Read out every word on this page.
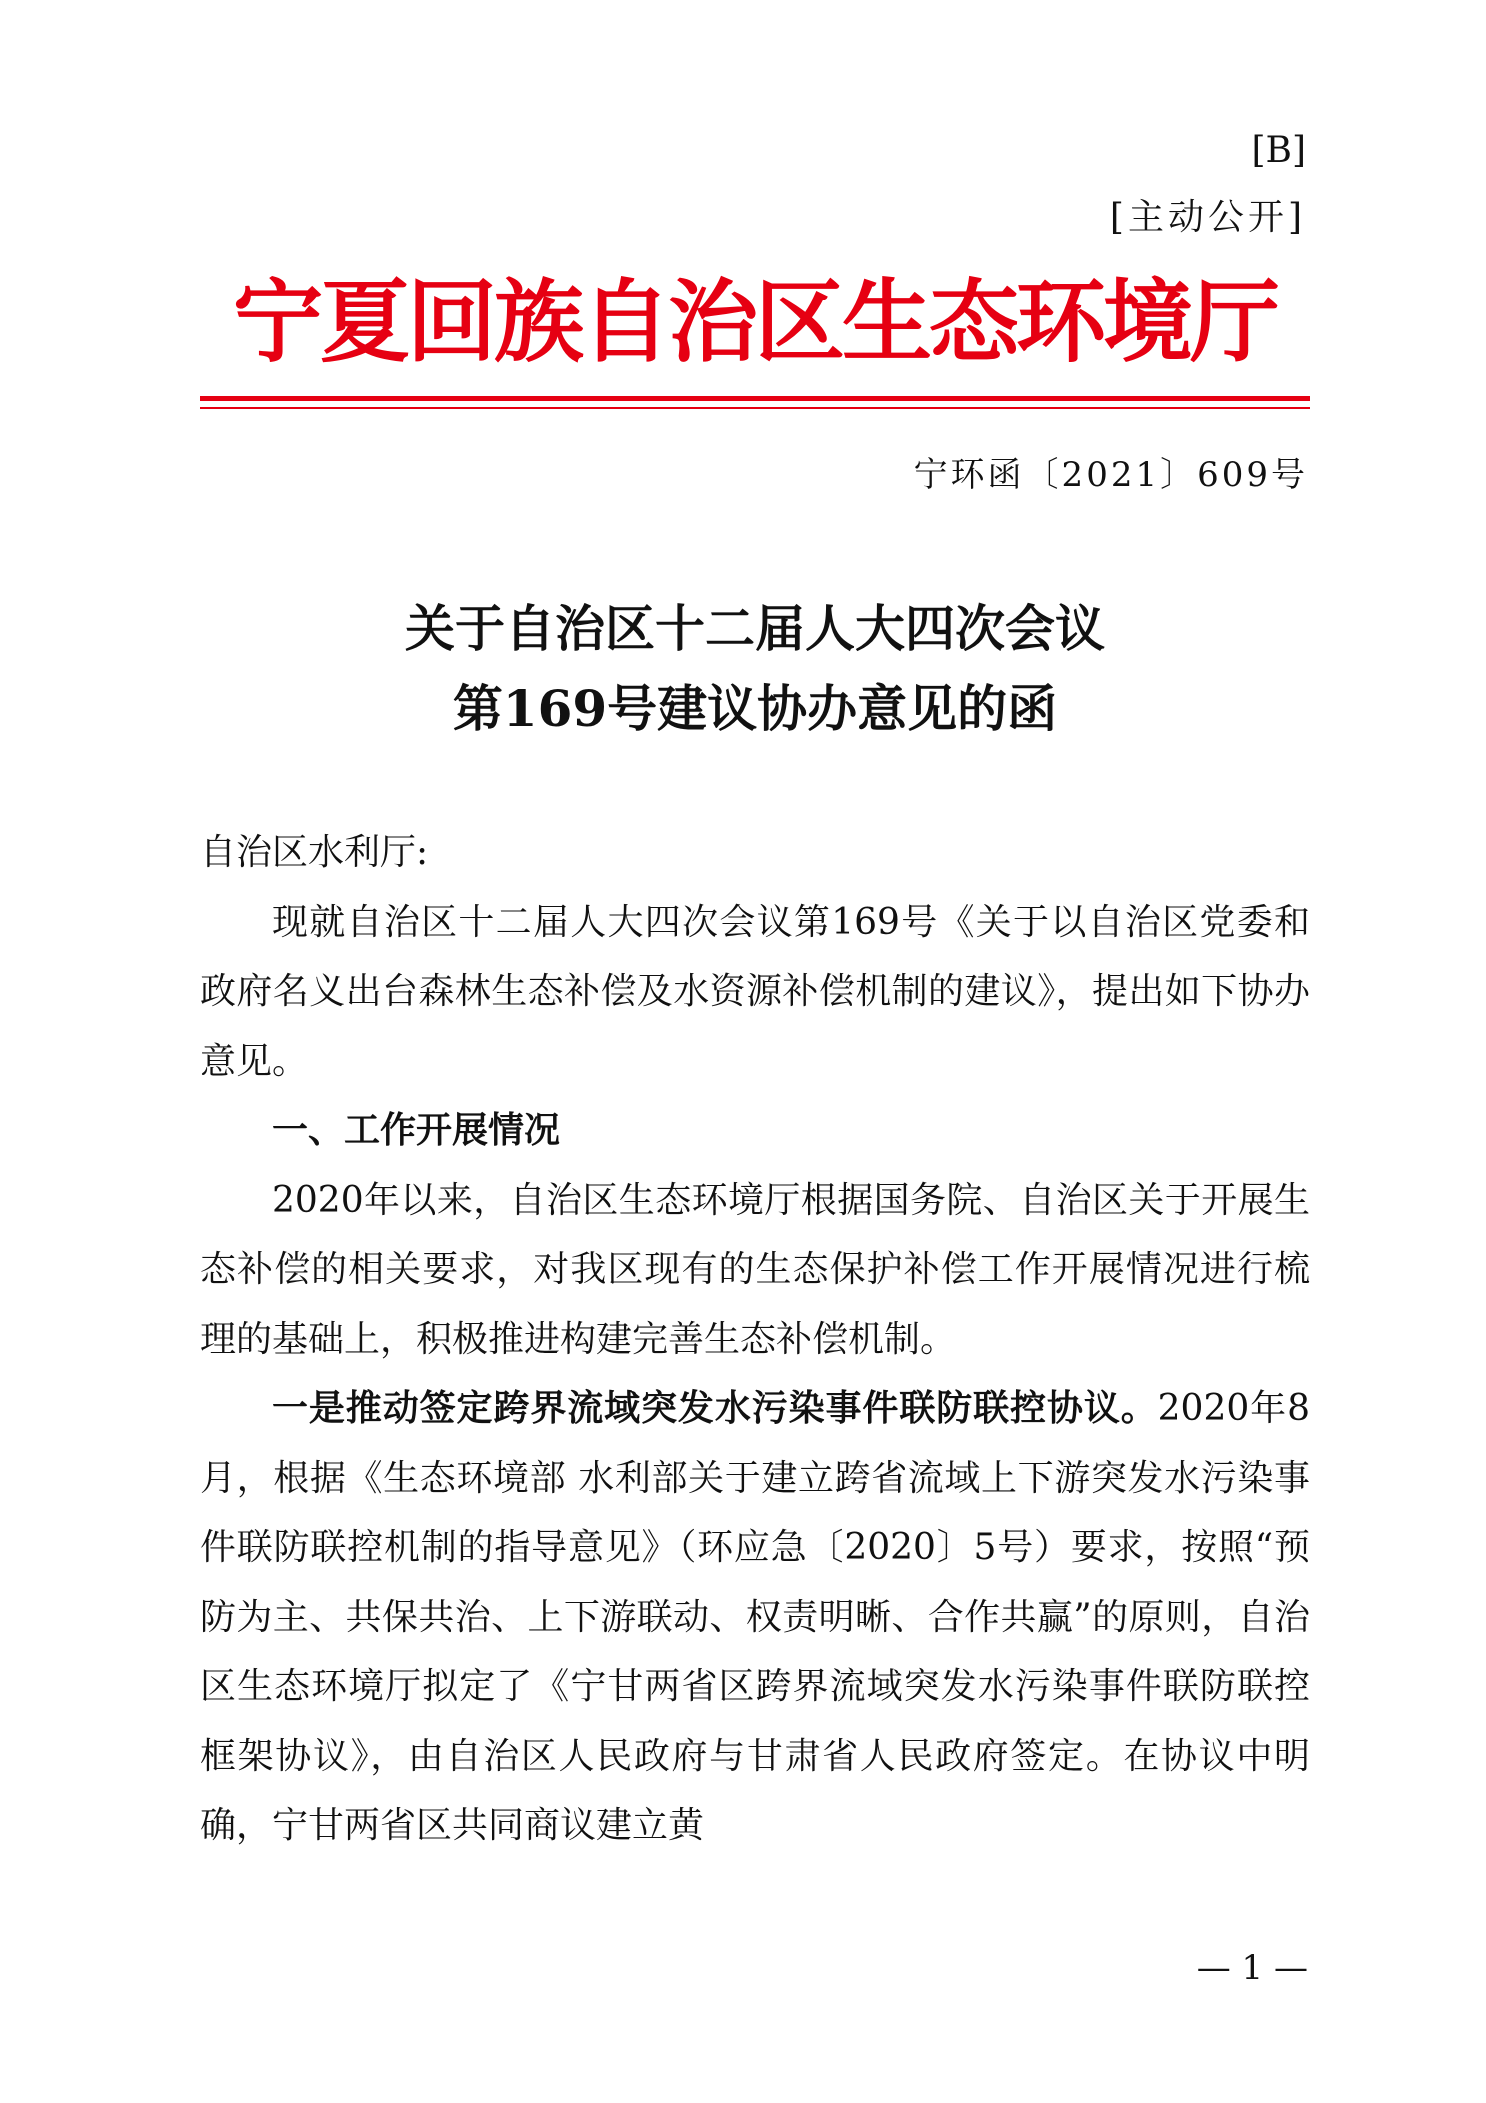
[B]
[主动公开]
宁夏回族自治区生态环境厅
宁环函〔2021〕609号
关于自治区十二届人大四次会议
第169号建议协办意见的函

自治区水利厅:

现就自治区十二届人大四次会议第169号《关于以自治区党委和政府名义出台森林生态补偿及水资源补偿机制的建议》，提出如下协办意见。

一、工作开展情况

2020年以来，自治区生态环境厅根据国务院、自治区关于开展生态补偿的相关要求，对我区现有的生态保护补偿工作开展情况进行梳理的基础上，积极推进构建完善生态补偿机制。

一是推动签定跨界流域突发水污染事件联防联控协议。2020年8月，根据《生态环境部 水利部关于建立跨省流域上下游突发水污染事件联防联控机制的指导意见》（环应急〔2020〕5号）要求，按照“预防为主、共保共治、上下游联动、权责明晰、合作共赢”的原则，自治区生态环境厅拟定了《宁甘两省区跨界流域突发水污染事件联防联控框架协议》，由自治区人民政府与甘肃省人民政府签定。在协议中明确，宁甘两省区共同商议建立黄

— 1 —
